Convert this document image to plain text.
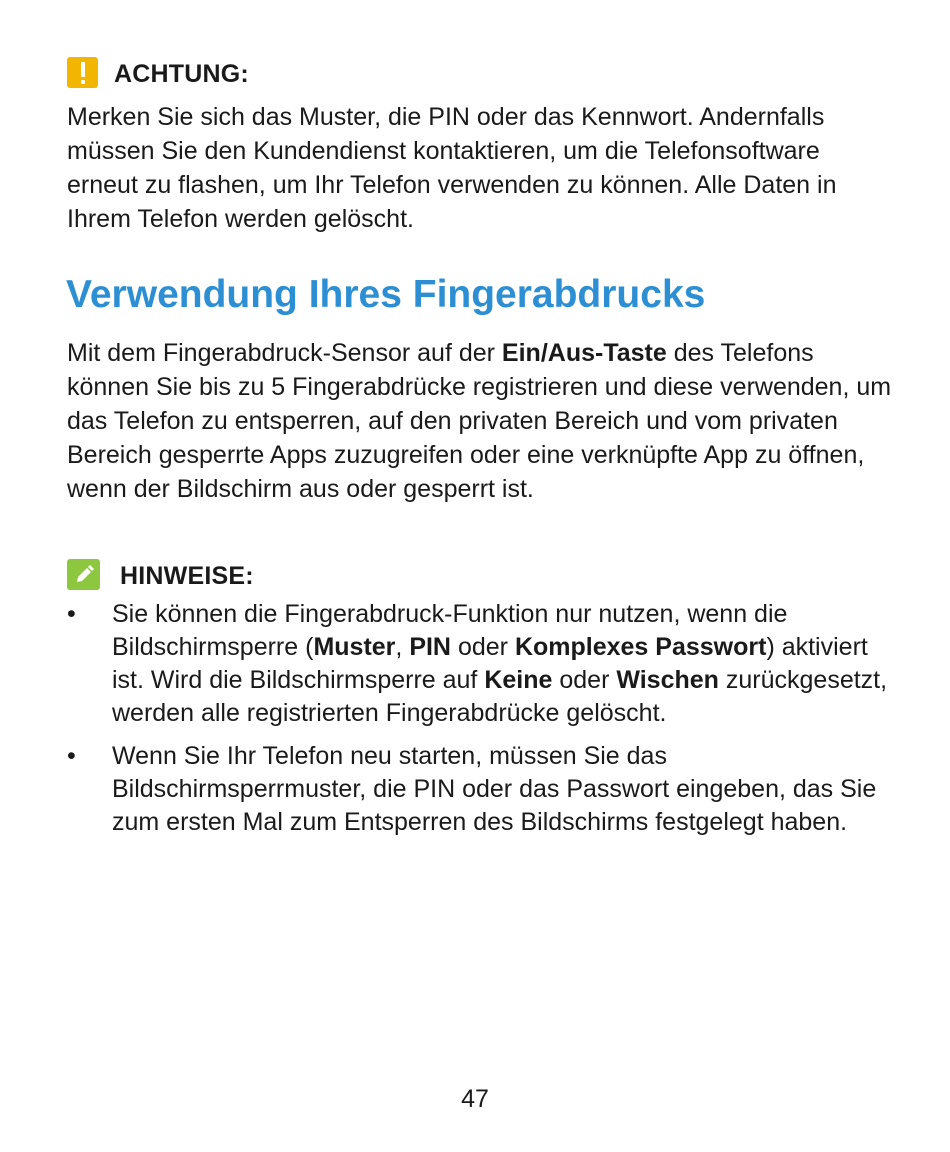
ACHTUNG:

Merken Sie sich das Muster, die PIN oder das Kennwort. Andernfalls müssen Sie den Kundendienst kontaktieren, um die Telefonsoftware erneut zu flashen, um Ihr Telefon verwenden zu können. Alle Daten in Ihrem Telefon werden gelöscht.

Verwendung Ihres Fingerabdrucks

Mit dem Fingerabdruck-Sensor auf der Ein/Aus-Taste des Telefons können Sie bis zu 5 Fingerabdrücke registrieren und diese verwenden, um das Telefon zu entsperren, auf den privaten Bereich und vom privaten Bereich gesperrte Apps zuzugreifen oder eine verknüpfte App zu öffnen, wenn der Bildschirm aus oder gesperrt ist.

HINWEISE:
•	Sie können die Fingerabdruck-Funktion nur nutzen, wenn die Bildschirmsperre (Muster, PIN oder Komplexes Passwort) aktiviert ist. Wird die Bildschirmsperre auf Keine oder Wischen zurückgesetzt, werden alle registrierten Fingerabdrücke gelöscht.
•	Wenn Sie Ihr Telefon neu starten, müssen Sie das Bildschirmsperrmuster, die PIN oder das Passwort eingeben, das Sie zum ersten Mal zum Entsperren des Bildschirms festgelegt haben.
47
